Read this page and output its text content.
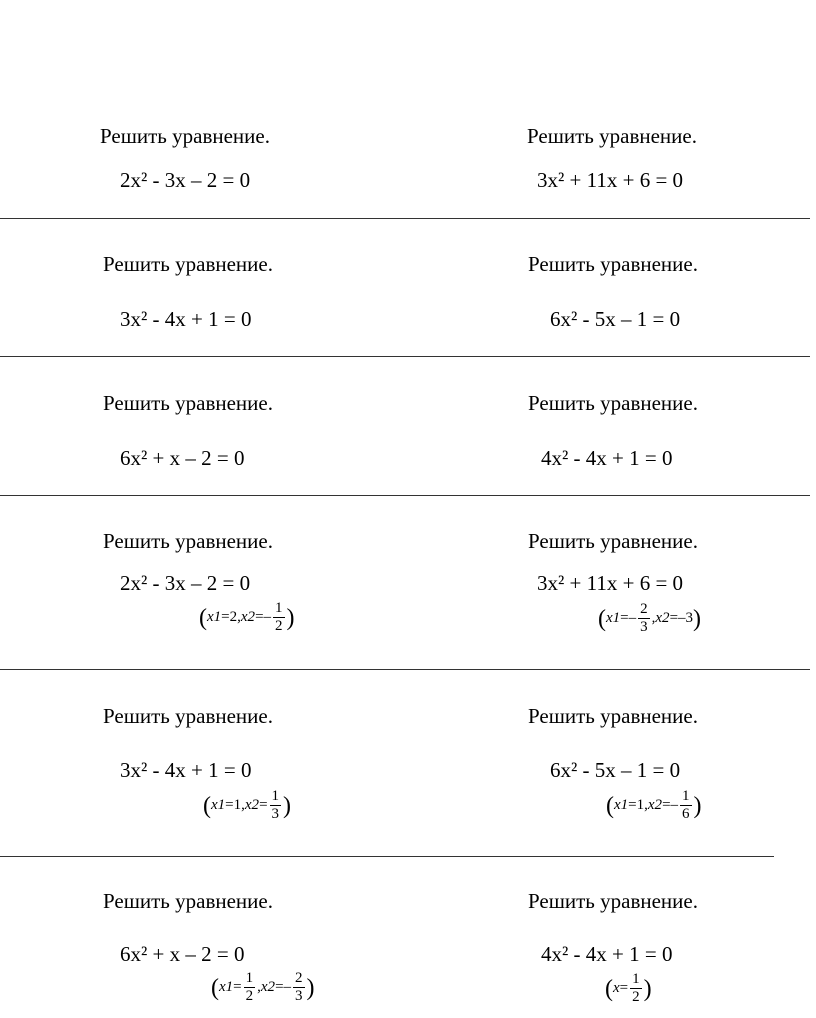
Решить уравнение.
2х² - 3х – 2 = 0
Решить уравнение.
3х² + 11х + 6 = 0
Решить уравнение.
3х² - 4х + 1 = 0
Решить уравнение.
6х² - 5х – 1 = 0
Решить уравнение.
6х² + х – 2 = 0
Решить уравнение.
4х² - 4х + 1 = 0
Решить уравнение.
2х² - 3х – 2 = 0
( x1 = 2 , x2 = – $\frac{1}{2}$ )
Решить уравнение.
3х² + 11х + 6 = 0
( x1 = – $\frac{2}{3}$ , x2 = –3 )
Решить уравнение.
3х² - 4х + 1 = 0
( x1 = 1 , $x2 = \frac{1}{3}$ )
Решить уравнение.
6х² - 5х – 1 = 0
( x1 = 1 , x2 = – $\frac{1}{6}$ )
Решить уравнение.
6х² + х – 2 = 0
( $x1 = \frac{1}{2}$ , x2 = – $\frac{2}{3}$ )
Решить уравнение.
4х² - 4х + 1 = 0
( $x = \frac{1}{2}$ )
